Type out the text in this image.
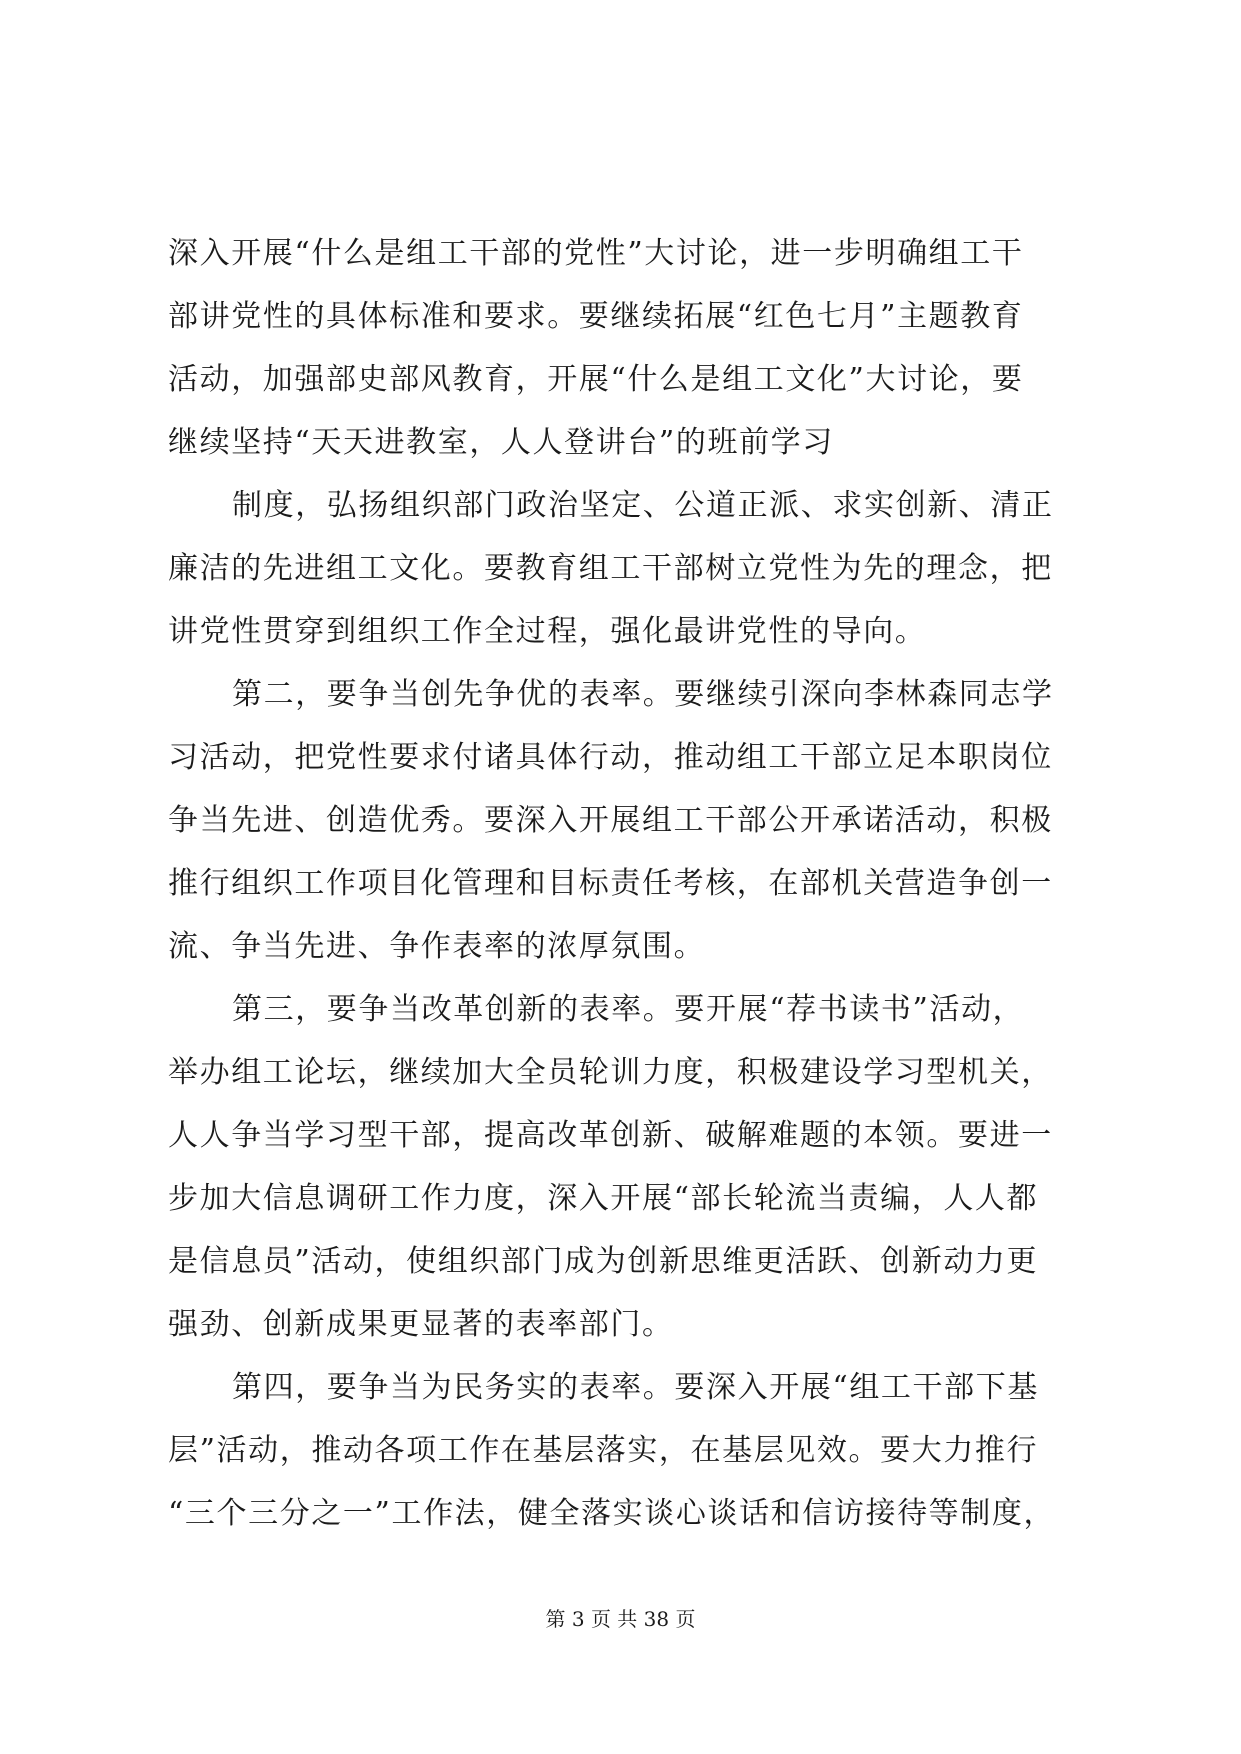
深入开展“什么是组工干部的党性”大讨论，进一步明确组工干
部讲党性的具体标准和要求。要继续拓展“红色七月”主题教育
活动，加强部史部风教育，开展“什么是组工文化”大讨论，要
继续坚持“天天进教室，人人登讲台”的班前学习
制度，弘扬组织部门政治坚定、公道正派、求实创新、清正
廉洁的先进组工文化。要教育组工干部树立党性为先的理念，把
讲党性贯穿到组织工作全过程，强化最讲党性的导向。
第二，要争当创先争优的表率。要继续引深向李林森同志学
习活动，把党性要求付诸具体行动，推动组工干部立足本职岗位
争当先进、创造优秀。要深入开展组工干部公开承诺活动，积极
推行组织工作项目化管理和目标责任考核，在部机关营造争创一
流、争当先进、争作表率的浓厚氛围。
第三，要争当改革创新的表率。要开展“荐书读书”活动，
举办组工论坛，继续加大全员轮训力度，积极建设学习型机关，
人人争当学习型干部，提高改革创新、破解难题的本领。要进一
步加大信息调研工作力度，深入开展“部长轮流当责编，人人都
是信息员”活动，使组织部门成为创新思维更活跃、创新动力更
强劲、创新成果更显著的表率部门。
第四，要争当为民务实的表率。要深入开展“组工干部下基
层”活动，推动各项工作在基层落实，在基层见效。要大力推行
“三个三分之一”工作法，健全落实谈心谈话和信访接待等制度，
第 3 页 共 38 页
